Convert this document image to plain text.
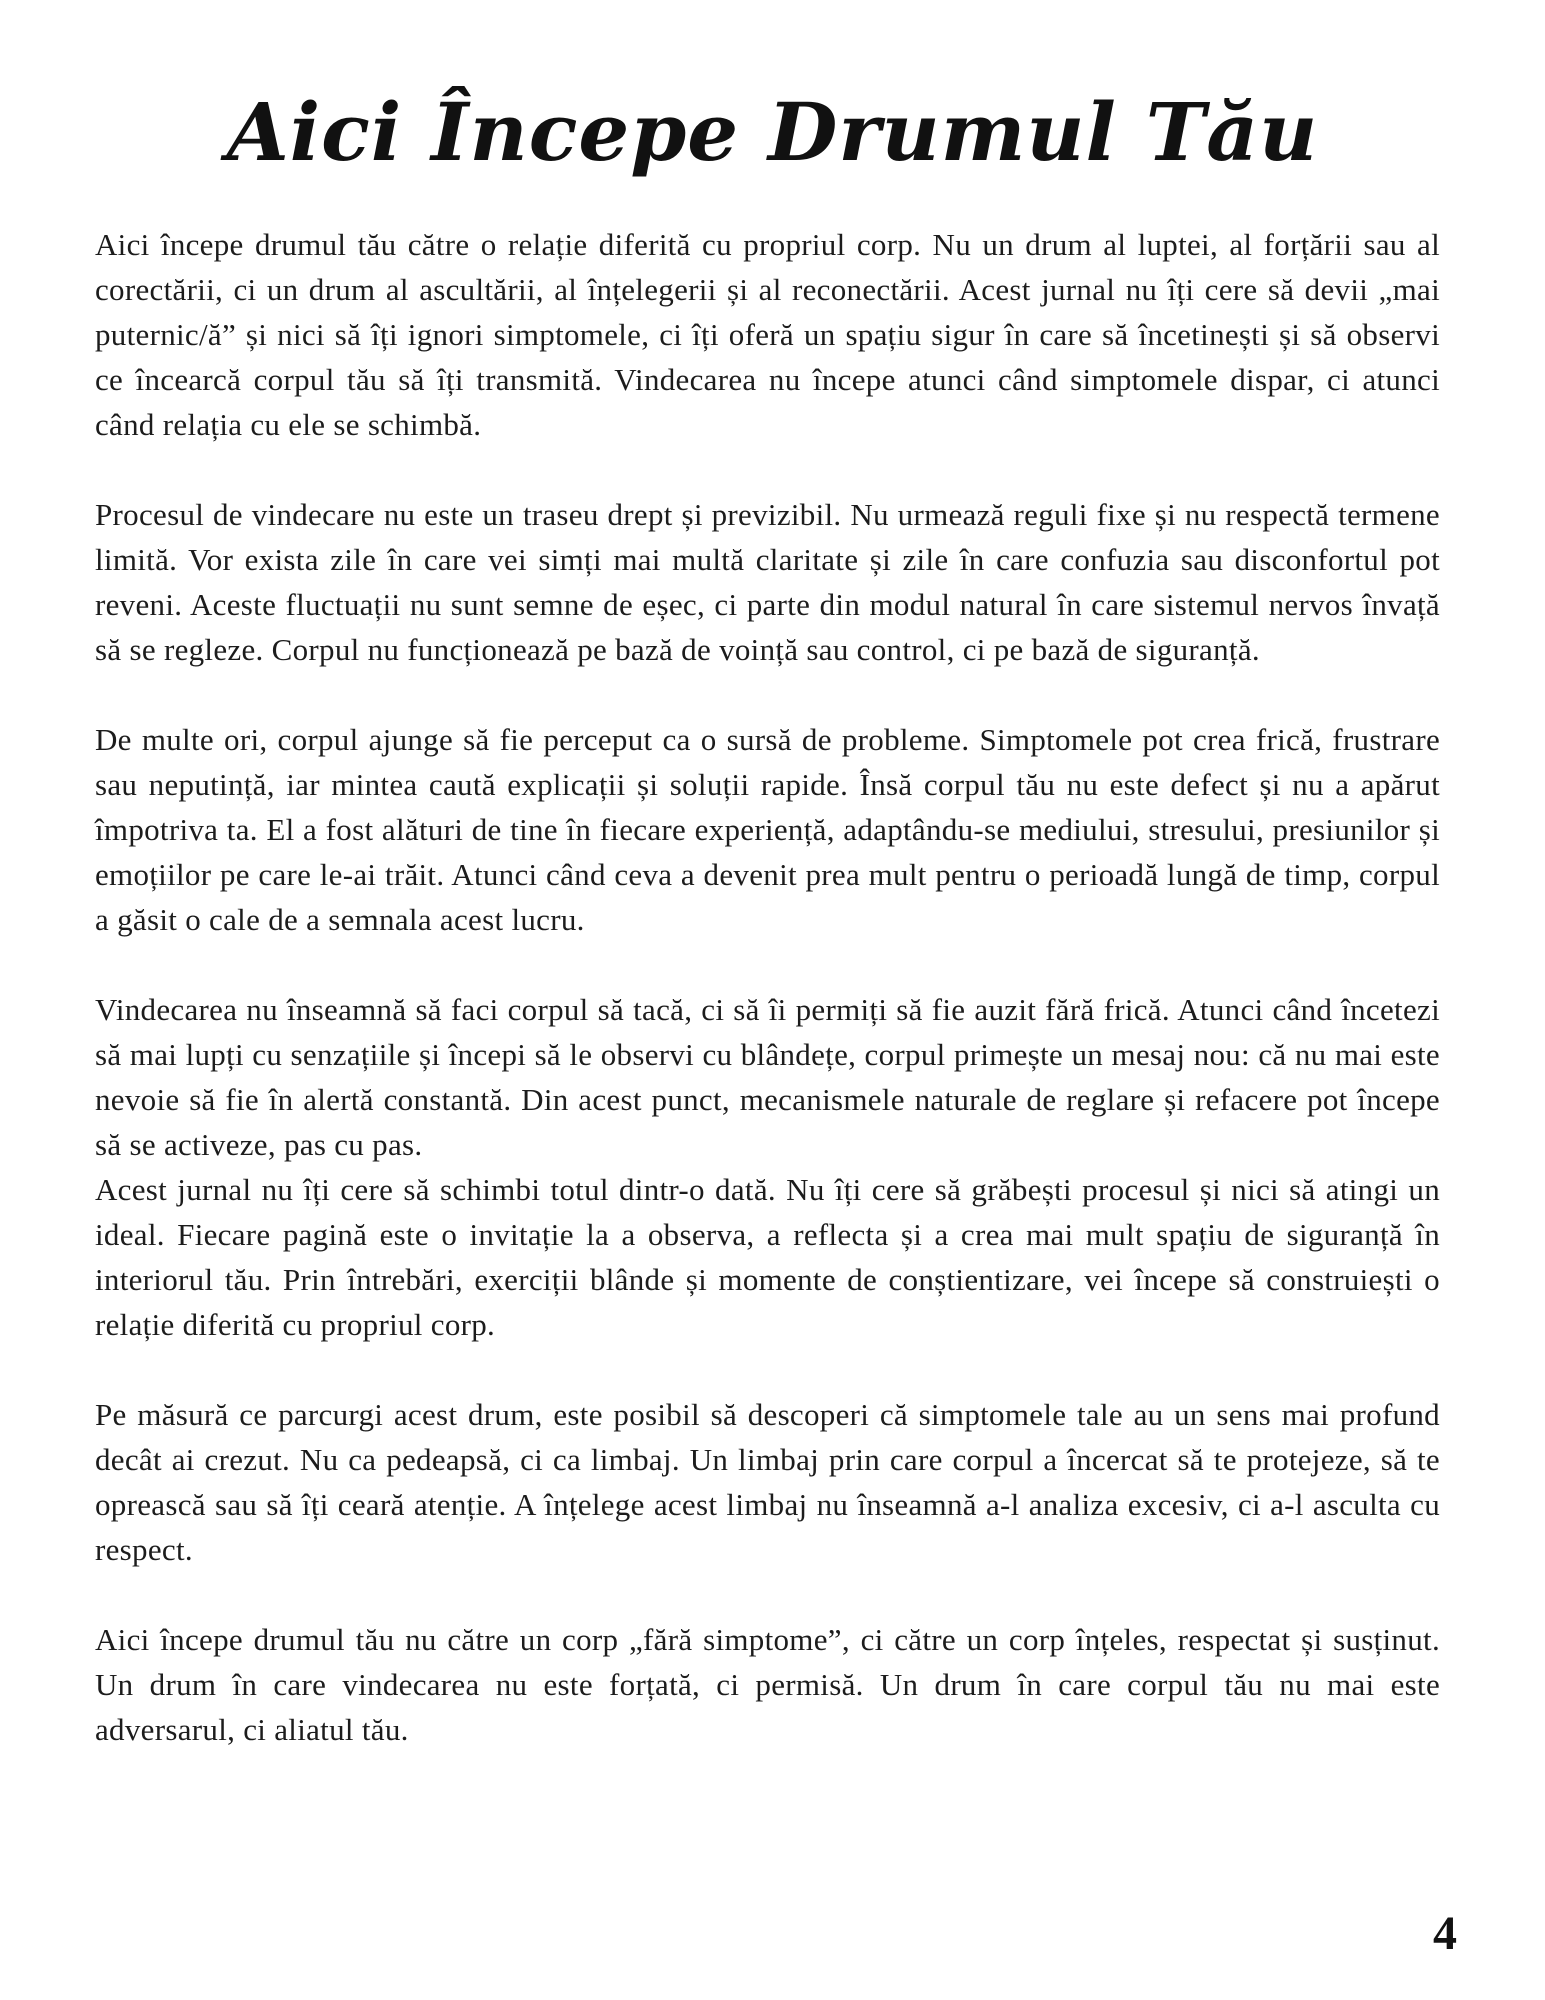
Aici Începe Drumul Tău

Aici începe drumul tău către o relație diferită cu propriul corp. Nu un drum al luptei, al forțării sau al corectării, ci un drum al ascultării, al înțelegerii și al reconectării. Acest jurnal nu îți cere să devii „mai puternic/ă” și nici să îți ignori simptomele, ci îți oferă un spațiu sigur în care să încetinești și să observi ce încearcă corpul tău să îți transmită. Vindecarea nu începe atunci când simptomele dispar, ci atunci când relația cu ele se schimbă.

Procesul de vindecare nu este un traseu drept și previzibil. Nu urmează reguli fixe și nu respectă termene limită. Vor exista zile în care vei simți mai multă claritate și zile în care confuzia sau disconfortul pot reveni. Aceste fluctuații nu sunt semne de eșec, ci parte din modul natural în care sistemul nervos învață să se regleze. Corpul nu funcționează pe bază de voință sau control, ci pe bază de siguranță.

De multe ori, corpul ajunge să fie perceput ca o sursă de probleme. Simptomele pot crea frică, frustrare sau neputință, iar mintea caută explicații și soluții rapide. Însă corpul tău nu este defect și nu a apărut împotriva ta. El a fost alături de tine în fiecare experiență, adaptându-se mediului, stresului, presiunilor și emoțiilor pe care le-ai trăit. Atunci când ceva a devenit prea mult pentru o perioadă lungă de timp, corpul a găsit o cale de a semnala acest lucru.

Vindecarea nu înseamnă să faci corpul să tacă, ci să îi permiți să fie auzit fără frică. Atunci când încetezi să mai lupți cu senzațiile și începi să le observi cu blândețe, corpul primește un mesaj nou: că nu mai este nevoie să fie în alertă constantă. Din acest punct, mecanismele naturale de reglare și refacere pot începe să se activeze, pas cu pas.

Acest jurnal nu îți cere să schimbi totul dintr-o dată. Nu îți cere să grăbești procesul și nici să atingi un ideal. Fiecare pagină este o invitație la a observa, a reflecta și a crea mai mult spațiu de siguranță în interiorul tău. Prin întrebări, exerciții blânde și momente de conștientizare, vei începe să construiești o relație diferită cu propriul corp.

Pe măsură ce parcurgi acest drum, este posibil să descoperi că simptomele tale au un sens mai profund decât ai crezut. Nu ca pedeapsă, ci ca limbaj. Un limbaj prin care corpul a încercat să te protejeze, să te oprească sau să îți ceară atenție. A înțelege acest limbaj nu înseamnă a-l analiza excesiv, ci a-l asculta cu respect.

Aici începe drumul tău nu către un corp „fără simptome”, ci către un corp înțeles, respectat și susținut. Un drum în care vindecarea nu este forțată, ci permisă. Un drum în care corpul tău nu mai este adversarul, ci aliatul tău.

4
